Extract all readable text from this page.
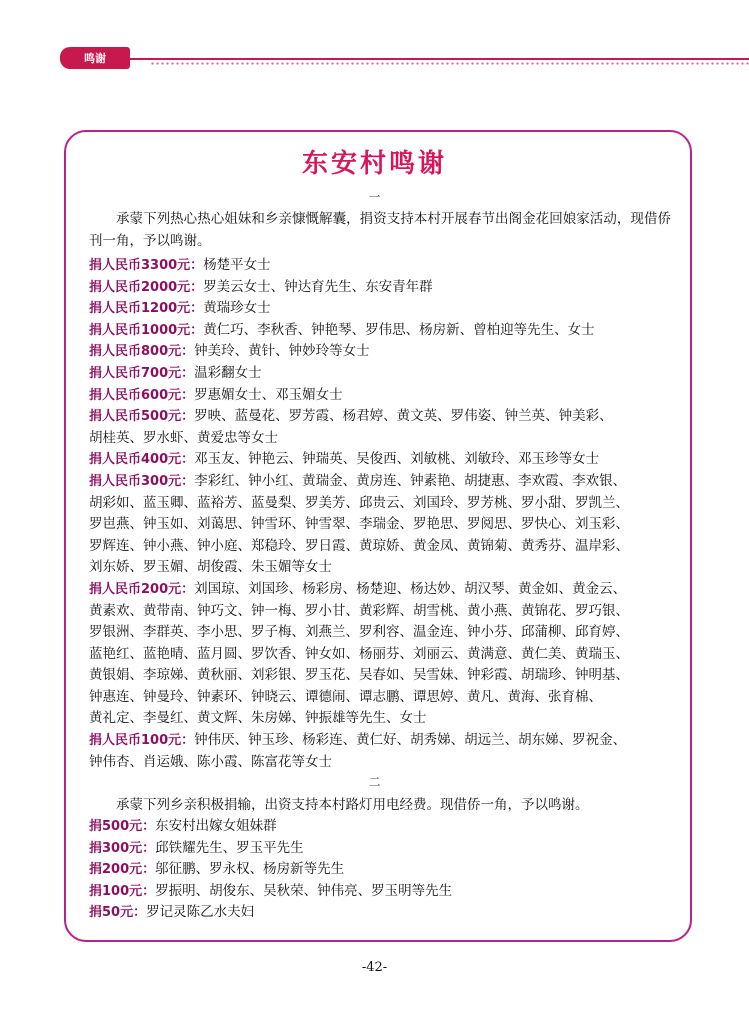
鸣谢
东安村鸣谢
一
承蒙下列热心热心姐妹和乡亲慷慨解囊，捐资支持本村开展春节出阁金花回娘家活动，现借侨刊一角，予以鸣谢。
捐人民币3300元：杨楚平女士
捐人民币2000元：罗美云女士、钟达育先生、东安青年群
捐人民币1200元：黄瑞珍女士
捐人民币1000元：黄仁巧、李秋香、钟艳琴、罗伟思、杨房新、曾柏迎等先生、女士
捐人民币800元：钟美玲、黄针、钟妙玲等女士
捐人民币700元：温彩翻女士
捐人民币600元：罗惠媚女士、邓玉媚女士
捐人民币500元：罗映、蓝曼花、罗芳霞、杨君婷、黄文英、罗伟姿、钟兰英、钟美彩、
胡桂英、罗水虾、黄爱忠等女士
捐人民币400元：邓玉友、钟艳云、钟瑞英、吴俊西、刘敏桃、刘敏玲、邓玉珍等女士
捐人民币300元：李彩红、钟小红、黄瑞金、黄房连、钟素艳、胡捷惠、李欢霞、李欢银、
胡彩如、蓝玉卿、蓝裕芳、蓝曼梨、罗美芳、邱贵云、刘国玲、罗芳桃、罗小甜、罗凯兰、
罗岜燕、钟玉如、刘蔼思、钟雪环、钟雪翠、李瑞金、罗艳思、罗阅思、罗快心、刘玉彩、
罗辉连、钟小燕、钟小庭、郑稳玲、罗日霞、黄琼娇、黄金凤、黄锦菊、黄秀芬、温岸彩、
刘东娇、罗玉媚、胡俊霞、朱玉媚等女士
捐人民币200元：刘国琼、刘国珍、杨彩房、杨楚迎、杨达妙、胡汉琴、黄金如、黄金云、
黄素欢、黄带南、钟巧文、钟一梅、罗小甘、黄彩辉、胡雪桃、黄小燕、黄锦花、罗巧银、
罗银洲、李群英、李小思、罗子梅、刘燕兰、罗利容、温金连、钟小芬、邱蒲柳、邱育婷、
蓝艳红、蓝艳晴、蓝月圆、罗饮香、钟女如、杨丽芬、刘丽云、黄满意、黄仁美、黄瑞玉、
黄银娟、李琼娣、黄秋丽、刘彩银、罗玉花、吴春如、吴雪妹、钟彩霞、胡瑞珍、钟明基、
钟惠连、钟曼玲、钟素环、钟晓云、谭德闹、谭志鹏、谭思婷、黄凡、黄海、张育棉、
黄礼定、李曼红、黄文辉、朱房娣、钟振雄等先生、女士
捐人民币100元：钟伟厌、钟玉珍、杨彩连、黄仁好、胡秀娣、胡远兰、胡东娣、罗祝金、
钟伟杏、肖运娥、陈小霞、陈富花等女士
二
承蒙下列乡亲积极捐输，出资支持本村路灯用电经费。现借侨一角，予以鸣谢。
捐500元：东安村出嫁女姐妹群
捐300元：邱铁耀先生、罗玉平先生
捐200元：邬征鹏、罗永权、杨房新等先生
捐100元：罗振明、胡俊东、吴秋荣、钟伟亮、罗玉明等先生
捐50元：罗记灵陈乙水夫妇
-42-
